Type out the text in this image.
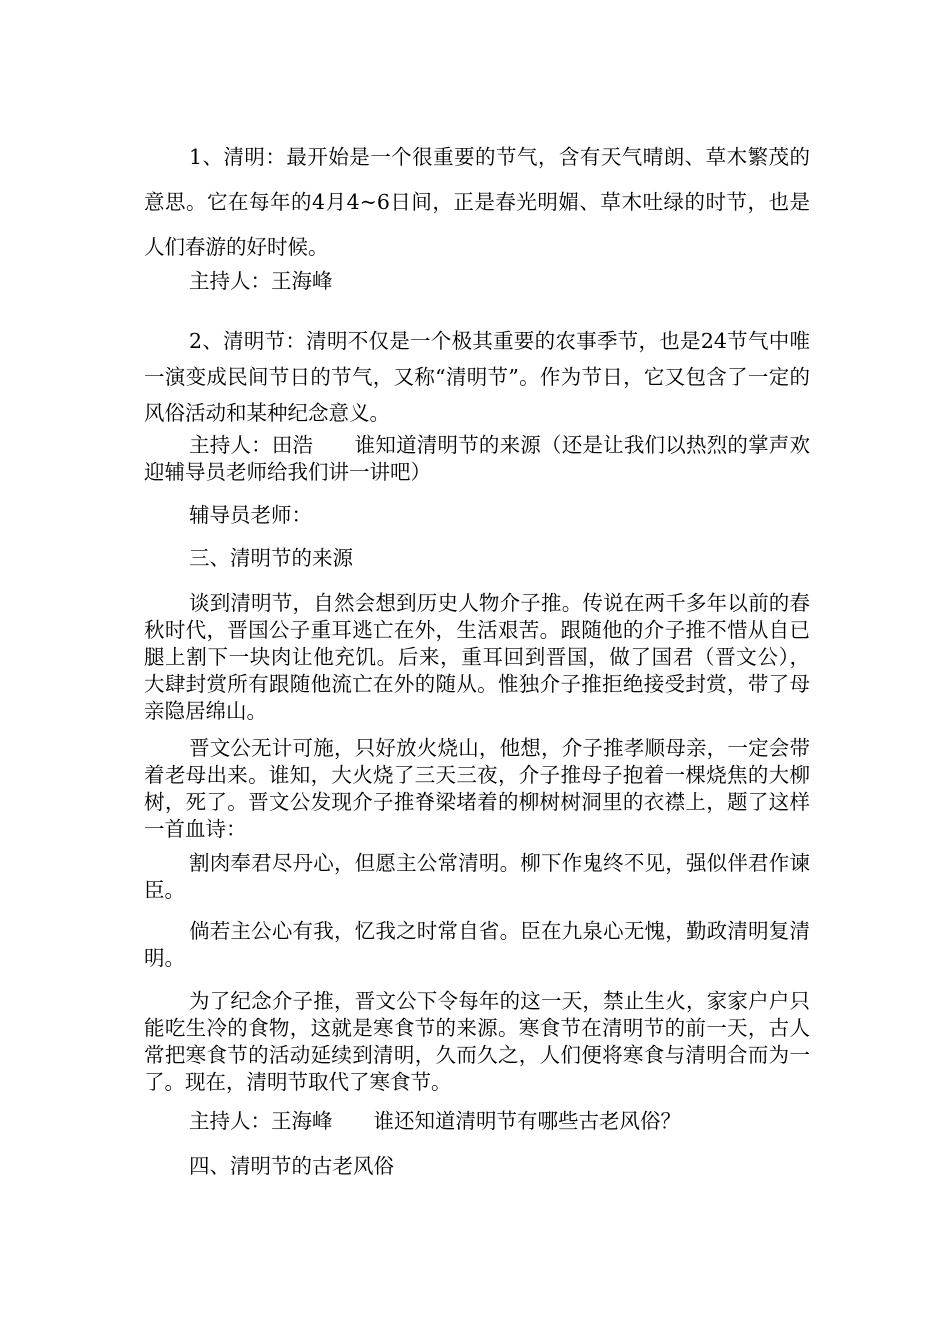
1、清明：最开始是一个很重要的节气，含有天气晴朗、草木繁茂的意思。它在每年的4月4~6日间，正是春光明媚、草木吐绿的时节，也是人们春游的好时候。

主持人：王海峰

2、清明节：清明不仅是一个极其重要的农事季节，也是24节气中唯一演变成民间节日的节气，又称“清明节”。作为节日，它又包含了一定的风俗活动和某种纪念意义。

主持人：田浩　　谁知道清明节的来源（还是让我们以热烈的掌声欢迎辅导员老师给我们讲一讲吧）

辅导员老师：

三、清明节的来源

谈到清明节，自然会想到历史人物介子推。传说在两千多年以前的春秋时代，晋国公子重耳逃亡在外，生活艰苦。跟随他的介子推不惜从自已腿上割下一块肉让他充饥。后来，重耳回到晋国，做了国君（晋文公），大肆封赏所有跟随他流亡在外的随从。惟独介子推拒绝接受封赏，带了母亲隐居绵山。

晋文公无计可施，只好放火烧山，他想，介子推孝顺母亲，一定会带着老母出来。谁知，大火烧了三天三夜，介子推母子抱着一棵烧焦的大柳树，死了。晋文公发现介子推脊梁堵着的柳树树洞里的衣襟上，题了这样一首血诗：

割肉奉君尽丹心，但愿主公常清明。柳下作鬼终不见，强似伴君作谏臣。

倘若主公心有我，忆我之时常自省。臣在九泉心无愧，勤政清明复清明。

为了纪念介子推，晋文公下令每年的这一天，禁止生火，家家户户只能吃生冷的食物，这就是寒食节的来源。寒食节在清明节的前一天，古人常把寒食节的活动延续到清明，久而久之，人们便将寒食与清明合而为一了。现在，清明节取代了寒食节。

主持人：王海峰　　谁还知道清明节有哪些古老风俗？

四、清明节的古老风俗
